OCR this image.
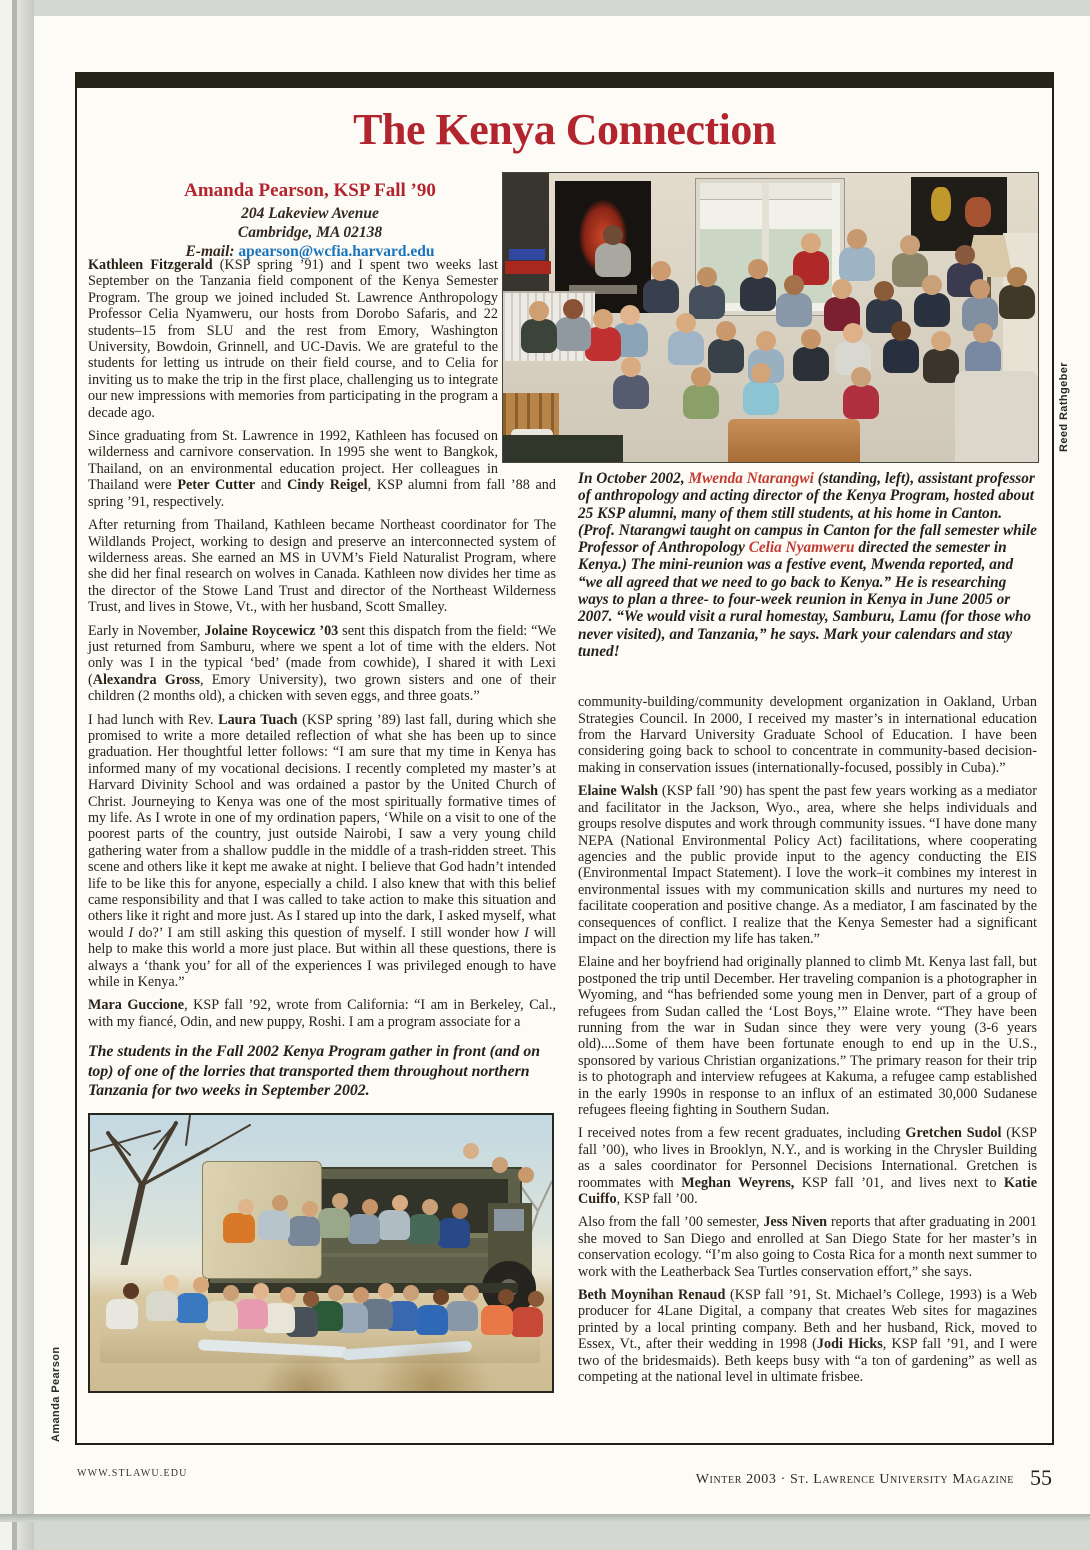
The Kenya Connection
Amanda Pearson, KSP Fall ’90
204 Lakeview Avenue
Cambridge, MA 02138
E-mail: apearson@wcfia.harvard.edu

Kathleen Fitzgerald (KSP spring ’91) and I spent two weeks last September on the Tanzania field component of the Kenya Semester Program. The group we joined included St. Lawrence Anthropology Professor Celia Nyamweru, our hosts from Dorobo Safaris, and 22 students–15 from SLU and the rest from Emory, Washington University, Bowdoin, Grinnell, and UC-Davis. We are grateful to the students for letting us intrude on their field course, and to Celia for inviting us to make the trip in the first place, challenging us to integrate our new impressions with memories from participating in the program a decade ago.

Since graduating from St. Lawrence in 1992, Kathleen has focused on wilderness and carnivore conservation. In 1995 she went to Bangkok, Thailand, on an environmental education project. Her colleagues in Thailand were Peter Cutter and Cindy Reigel, KSP alumni from fall ’88 and spring ’91, respectively.

After returning from Thailand, Kathleen became Northeast coordinator for The Wildlands Project, working to design and preserve an interconnected system of wilderness areas. She earned an MS in UVM’s Field Naturalist Program, where she did her final research on wolves in Canada. Kathleen now divides her time as the director of the Stowe Land Trust and director of the Northeast Wilderness Trust, and lives in Stowe, Vt., with her husband, Scott Smalley.

Early in November, Jolaine Roycewicz ’03 sent this dispatch from the field: “We just returned from Samburu, where we spent a lot of time with the elders. Not only was I in the typical ‘bed’ (made from cowhide), I shared it with Lexi (Alexandra Gross, Emory University), two grown sisters and one of their children (2 months old), a chicken with seven eggs, and three goats.”

I had lunch with Rev. Laura Tuach (KSP spring ’89) last fall, during which she promised to write a more detailed reflection of what she has been up to since graduation. Her thoughtful letter follows: “I am sure that my time in Kenya has informed many of my vocational decisions. I recently completed my master’s at Harvard Divinity School and was ordained a pastor by the United Church of Christ. Journeying to Kenya was one of the most spiritually formative times of my life. As I wrote in one of my ordination papers, ‘While on a visit to one of the poorest parts of the country, just outside Nairobi, I saw a very young child gathering water from a shallow puddle in the middle of a trash-ridden street. This scene and others like it kept me awake at night. I believe that God hadn’t intended life to be like this for anyone, especially a child. I also knew that with this belief came responsibility and that I was called to take action to make this situation and others like it right and more just. As I stared up into the dark, I asked myself, what would I do?’ I am still asking this question of myself. I still wonder how I will help to make this world a more just place. But within all these questions, there is always a ‘thank you’ for all of the experiences I was privileged enough to have while in Kenya.”

Mara Guccione, KSP fall ’92, wrote from California: “I am in Berkeley, Cal., with my fiancé, Odin, and new puppy, Roshi. I am a program associate for a

The students in the Fall 2002 Kenya Program gather in front (and on top) of one of the lorries that transported them throughout northern Tanzania for two weeks in September 2002.
In October 2002, Mwenda Ntarangwi (standing, left), assistant professor of anthropology and acting director of the Kenya Program, hosted about 25 KSP alumni, many of them still students, at his home in Canton. (Prof. Ntarangwi taught on campus in Canton for the fall semester while Professor of Anthropology Celia Nyamweru directed the semester in Kenya.) The mini-reunion was a festive event, Mwenda reported, and “we all agreed that we need to go back to Kenya.” He is researching ways to plan a three- to four-week reunion in Kenya in June 2005 or 2007. “We would visit a rural homestay, Samburu, Lamu (for those who never visited), and Tanzania,” he says. Mark your calendars and stay tuned!

community-building/community development organization in Oakland, Urban Strategies Council. In 2000, I received my master’s in international education from the Harvard University Graduate School of Education. I have been considering going back to school to concentrate in community-based decision-making in conservation issues (internationally-focused, possibly in Cuba).”

Elaine Walsh (KSP fall ’90) has spent the past few years working as a mediator and facilitator in the Jackson, Wyo., area, where she helps individuals and groups resolve disputes and work through community issues. “I have done many NEPA (National Environmental Policy Act) facilitations, where cooperating agencies and the public provide input to the agency conducting the EIS (Environmental Impact Statement). I love the work–it combines my interest in environmental issues with my communication skills and nurtures my need to facilitate cooperation and positive change. As a mediator, I am fascinated by the consequences of conflict. I realize that the Kenya Semester had a significant impact on the direction my life has taken.”

Elaine and her boyfriend had originally planned to climb Mt. Kenya last fall, but postponed the trip until December. Her traveling companion is a photographer in Wyoming, and “has befriended some young men in Denver, part of a group of refugees from Sudan called the ‘Lost Boys,’” Elaine wrote. “They have been running from the war in Sudan since they were very young (3-6 years old)....Some of them have been fortunate enough to end up in the U.S., sponsored by various Christian organizations.” The primary reason for their trip is to photograph and interview refugees at Kakuma, a refugee camp established in the early 1990s in response to an influx of an estimated 30,000 Sudanese refugees fleeing fighting in Southern Sudan.

I received notes from a few recent graduates, including Gretchen Sudol (KSP fall ’00), who lives in Brooklyn, N.Y., and is working in the Chrysler Building as a sales coordinator for Personnel Decisions International. Gretchen is roommates with Meghan Weyrens, KSP fall ’01, and lives next to Katie Cuiffo, KSP fall ’00.

Also from the fall ’00 semester, Jess Niven reports that after graduating in 2001 she moved to San Diego and enrolled at San Diego State for her master’s in conservation ecology. “I’m also going to Costa Rica for a month next summer to work with the Leatherback Sea Turtles conservation effort,” she says.

Beth Moynihan Renaud (KSP fall ’91, St. Michael’s College, 1993) is a Web producer for 4Lane Digital, a company that creates Web sites for magazines printed by a local printing company. Beth and her husband, Rick, moved to Essex, Vt., after their wedding in 1998 (Jodi Hicks, KSP fall ’91, and I were two of the bridesmaids). Beth keeps busy with “a ton of gardening” as well as competing at the national level in ultimate frisbee.

Reed Rathgeber
Amanda Pearson
WWW.STLAWU.EDU	Winter 2003 · St. Lawrence University Magazine 55
